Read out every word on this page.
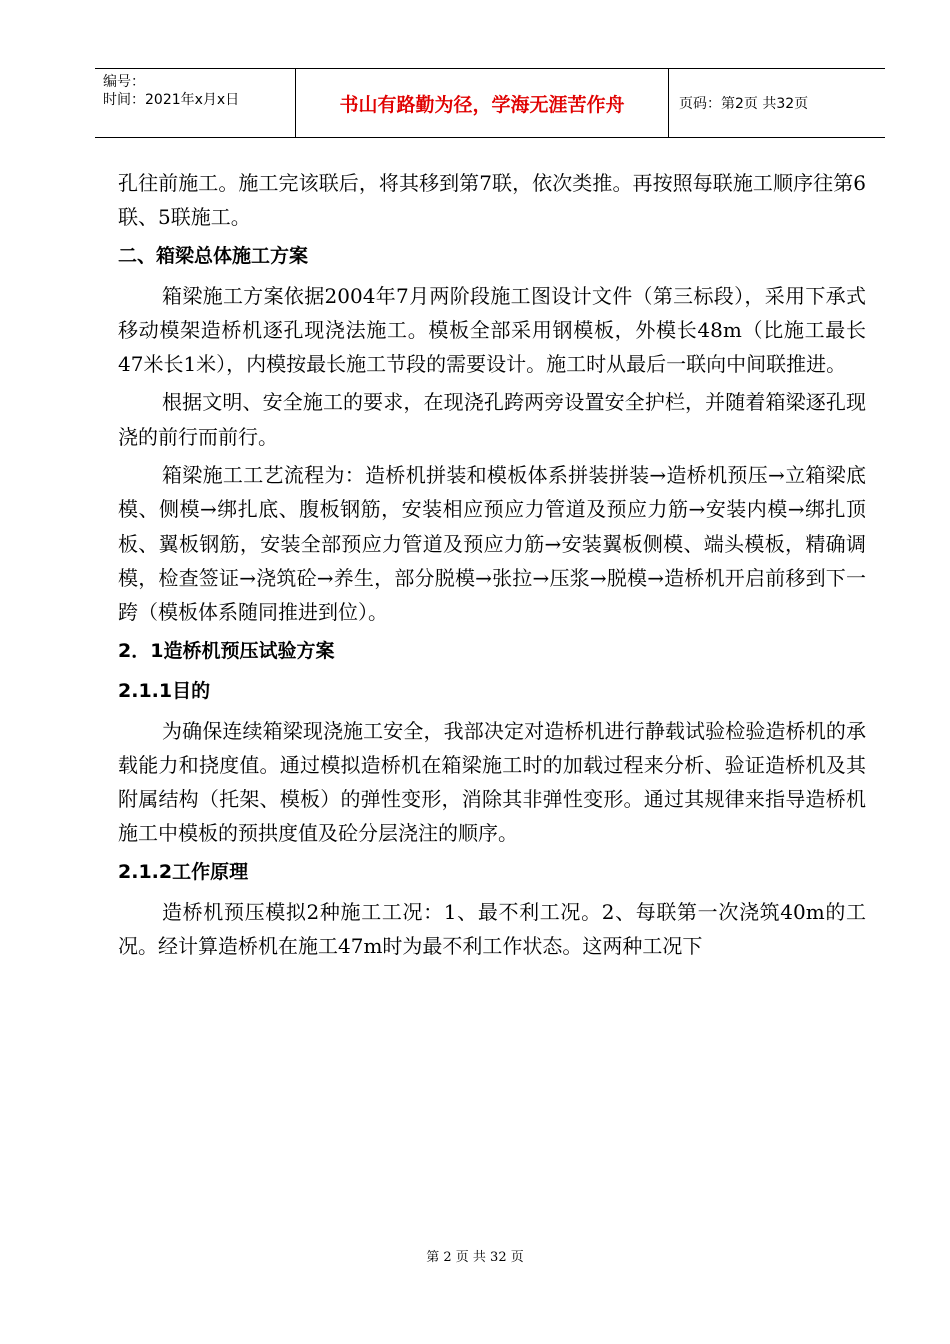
编号：
时间：2021年x月x日	书山有路勤为径，学海无涯苦作舟	页码：第2页 共32页

孔往前施工。施工完该联后，将其移到第7联，依次类推。再按照每联施工顺序往第6联、5联施工。

二、箱梁总体施工方案

箱梁施工方案依据2004年7月两阶段施工图设计文件（第三标段），采用下承式移动模架造桥机逐孔现浇法施工。模板全部采用钢模板，外模长48m（比施工最长47米长1米），内模按最长施工节段的需要设计。施工时从最后一联向中间联推进。

根据文明、安全施工的要求，在现浇孔跨两旁设置安全护栏，并随着箱梁逐孔现浇的前行而前行。

箱梁施工工艺流程为：造桥机拼装和模板体系拼装拼装→造桥机预压→立箱梁底模、侧模→绑扎底、腹板钢筋，安装相应预应力管道及预应力筋→安装内模→绑扎顶板、翼板钢筋，安装全部预应力管道及预应力筋→安装翼板侧模、端头模板，精确调模，检查签证→浇筑砼→养生，部分脱模→张拉→压浆→脱模→造桥机开启前移到下一跨（模板体系随同推进到位）。

2．1造桥机预压试验方案

2.1.1目的

为确保连续箱梁现浇施工安全，我部决定对造桥机进行静载试验检验造桥机的承载能力和挠度值。通过模拟造桥机在箱梁施工时的加载过程来分析、验证造桥机及其附属结构（托架、模板）的弹性变形，消除其非弹性变形。通过其规律来指导造桥机施工中模板的预拱度值及砼分层浇注的顺序。

2.1.2工作原理

造桥机预压模拟2种施工工况：1、最不利工况。2、每联第一次浇筑40m的工况。经计算造桥机在施工47m时为最不利工作状态。这两种工况下

第 2 页 共 32 页
